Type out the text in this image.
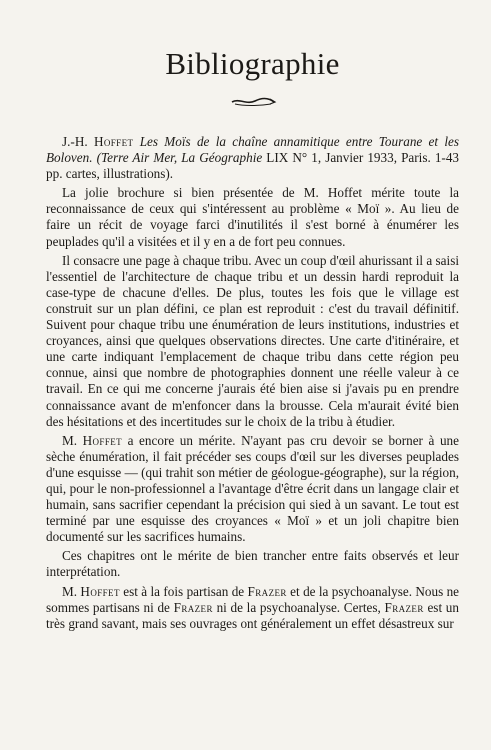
Bibliographie

J.-H. Hoffet Les Moïs de la chaîne annamitique entre Tourane et les Boloven. (Terre Air Mer, La Géographie LIX N° 1, Janvier 1933, Paris. 1-43 pp. cartes, illustrations).

La jolie brochure si bien présentée de M. Hoffet mérite toute la reconnaissance de ceux qui s'intéressent au problème « Moï ». Au lieu de faire un récit de voyage farci d'inutilités il s'est borné à énumérer les peuplades qu'il a visitées et il y en a de fort peu connues.

Il consacre une page à chaque tribu. Avec un coup d'œil ahurissant il a saisi l'essentiel de l'architecture de chaque tribu et un dessin hardi reproduit la case-type de chacune d'elles. De plus, toutes les fois que le village est construit sur un plan défini, ce plan est reproduit : c'est du travail définitif. Suivent pour chaque tribu une énumération de leurs institutions, industries et croyances, ainsi que quelques observations directes. Une carte d'itinéraire, et une carte indiquant l'emplacement de chaque tribu dans cette région peu connue, ainsi que nombre de photographies donnent une réelle valeur à ce travail. En ce qui me concerne j'aurais été bien aise si j'avais pu en prendre connaissance avant de m'enfoncer dans la brousse. Cela m'aurait évité bien des hésitations et des incertitudes sur le choix de la tribu à étudier.

M. Hoffet a encore un mérite. N'ayant pas cru devoir se borner à une sèche énumération, il fait précéder ses coups d'œil sur les diverses peuplades d'une esquisse — (qui trahit son métier de géologue-géographe), sur la région, qui, pour le non-professionnel a l'avantage d'être écrit dans un langage clair et humain, sans sacrifier cependant la précision qui sied à un savant. Le tout est terminé par une esquisse des croyances « Moï » et un joli chapitre bien documenté sur les sacrifices humains.

Ces chapitres ont le mérite de bien trancher entre faits observés et leur interprétation.

M. Hoffet est à la fois partisan de Frazer et de la psychoanalyse. Nous ne sommes partisans ni de Frazer ni de la psychoanalyse. Certes, Frazer est un très grand savant, mais ses ouvrages ont généralement un effet désastreux sur
